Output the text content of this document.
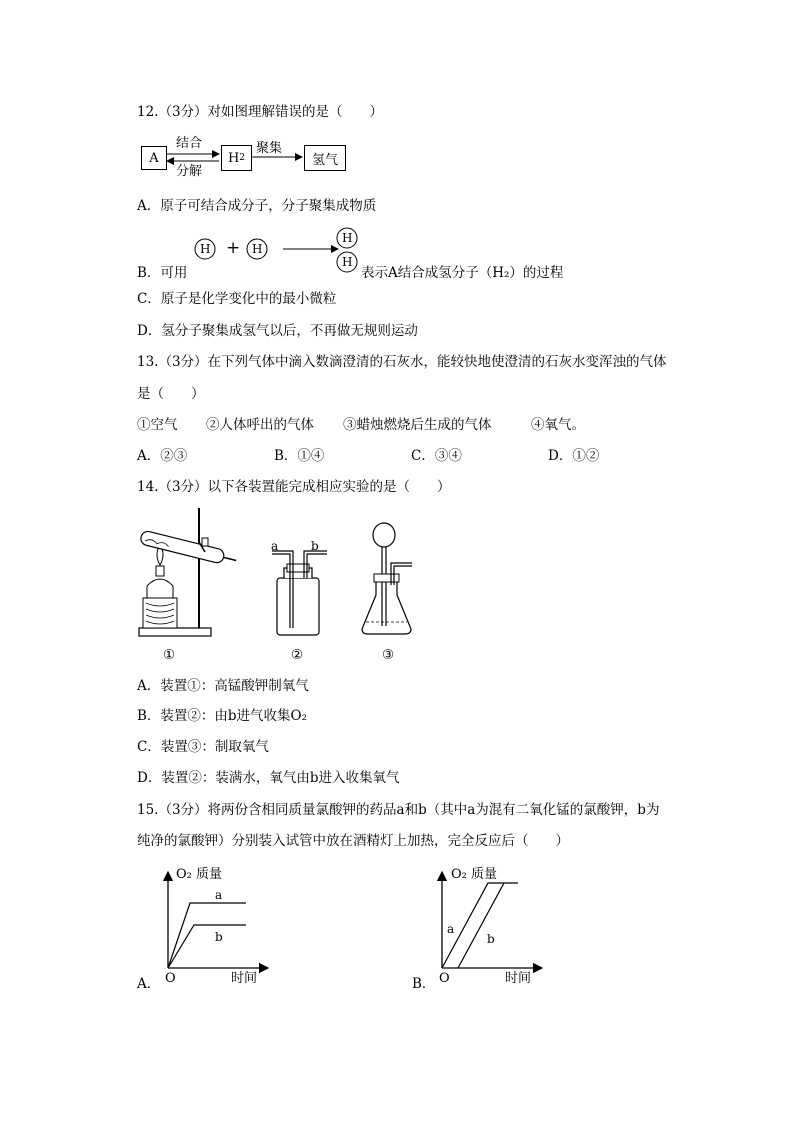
12.（3分）对如图理解错误的是（　　）
A
结合
分解
H 2
聚集
氢气
A．原子可结合成分子，分子聚集成物质
H + H
H
H
B．可用	表示A结合成氢分子（H₂）的过程
C．原子是化学变化中的最小微粒
D．氢分子聚集成氢气以后，不再做无规则运动
13.（3分）在下列气体中滴入数滴澄清的石灰水，能较快地使澄清的石灰水变浑浊的气体
是（　　）
①空气 ②人体呼出的气体 ③蜡烛燃烧后生成的气体	④氧气。
A．②③	B．①④	C．③④	D．①②
14.（3分）以下各装置能完成相应实验的是（　　）
①
a	b
②	③
A．装置①：高锰酸钾制氧气
B．装置②：由b进气收集O₂
C．装置③：制取氧气
D．装置②：装满水，氧气由b进入收集氧气
15.（3分）将两份含相同质量氯酸钾的药品a和b（其中a为混有二氧化锰的氯酸钾，b为
纯净的氯酸钾）分别装入试管中放在酒精灯上加热，完全反应后（　　）
O₂ 质量
a
b
O	时间
A．
O₂ 质量
a
b
O	时间
B．
